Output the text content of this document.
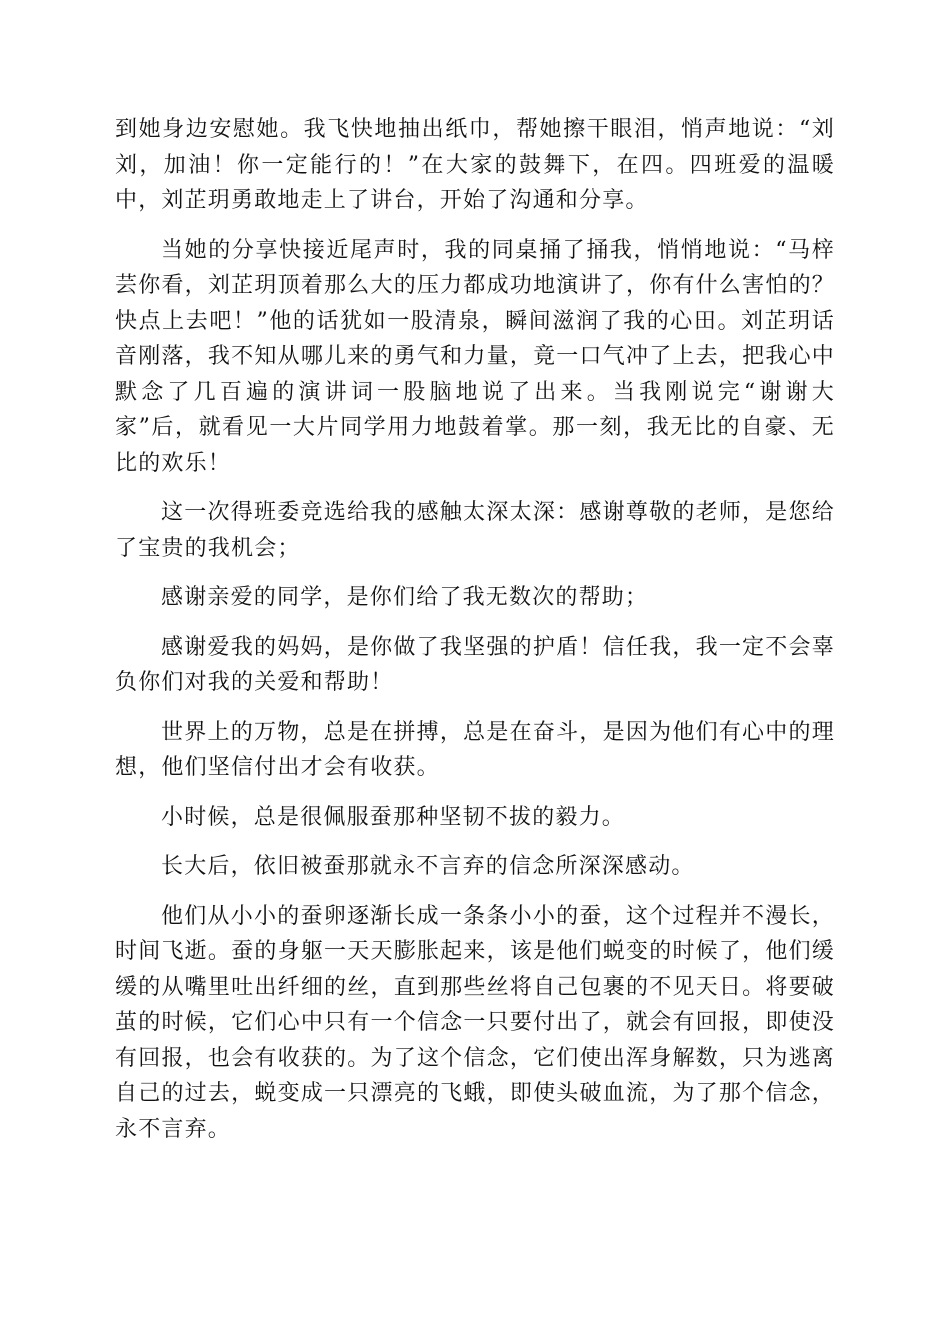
到她身边安慰她。我飞快地抽出纸巾，帮她擦干眼泪，悄声地说：“刘刘，加油！你一定能行的！”在大家的鼓舞下，在四。四班爱的温暖中，刘芷玥勇敢地走上了讲台，开始了沟通和分享。

当她的分享快接近尾声时，我的同桌捅了捅我，悄悄地说：“马梓芸你看，刘芷玥顶着那么大的压力都成功地演讲了，你有什么害怕的？快点上去吧！”他的话犹如一股清泉，瞬间滋润了我的心田。刘芷玥话音刚落，我不知从哪儿来的勇气和力量，竟一口气冲了上去，把我心中默念了几百遍的演讲词一股脑地说了出来。当我刚说完“谢谢大家”后，就看见一大片同学用力地鼓着掌。那一刻，我无比的自豪、无比的欢乐！

这一次得班委竞选给我的感触太深太深：感谢尊敬的老师，是您给了宝贵的我机会；

感谢亲爱的同学，是你们给了我无数次的帮助；

感谢爱我的妈妈，是你做了我坚强的护盾！信任我，我一定不会辜负你们对我的关爱和帮助！

世界上的万物，总是在拼搏，总是在奋斗，是因为他们有心中的理想，他们坚信付出才会有收获。

小时候，总是很佩服蚕那种坚韧不拔的毅力。

长大后，依旧被蚕那就永不言弃的信念所深深感动。

他们从小小的蚕卵逐渐长成一条条小小的蚕，这个过程并不漫长，时间飞逝。蚕的身躯一天天膨胀起来，该是他们蜕变的时候了，他们缓缓的从嘴里吐出纤细的丝，直到那些丝将自己包裹的不见天日。将要破茧的时候，它们心中只有一个信念一只要付出了，就会有回报，即使没有回报，也会有收获的。为了这个信念，它们使出浑身解数，只为逃离自己的过去，蜕变成一只漂亮的飞蛾，即使头破血流，为了那个信念，永不言弃。
